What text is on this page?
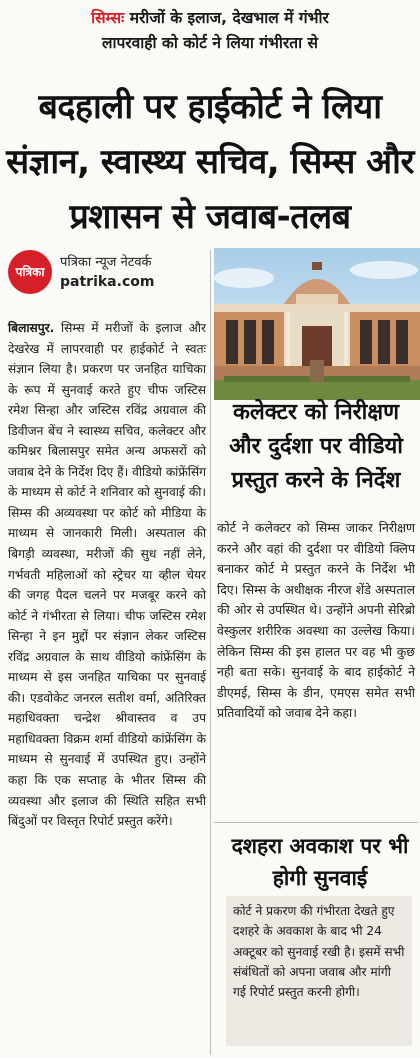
सिम्सः मरीजों के इलाज, देखभाल में गंभीर
लापरवाही को कोर्ट ने लिया गंभीरता से
बदहाली पर हाईकोर्ट ने लिया संज्ञान, स्वास्थ्य सचिव, सिम्स और प्रशासन से जवाब-तलब
पत्रिका
पत्रिका न्यूज नेटवर्क
patrika.com
बिलासपुर. सिम्स में मरीजों के इलाज और देखरेख में लापरवाही पर हाईकोर्ट ने स्वतः संज्ञान लिया है। प्रकरण पर जनहित याचिका के रूप में सुनवाई करते हुए चीफ जस्टिस रमेश सिन्हा और जस्टिस रविंद्र अग्रवाल की डिवीजन बेंच ने स्वास्थ्य सचिव, कलेक्टर और कमिश्नर बिलासपुर समेत अन्य अफसरों को जवाब देने के निर्देश दिए हैं। वीडियो कांफ्रेंसिंग के माध्यम से कोर्ट ने शनिवार को सुनवाई की। सिम्स की अव्यवस्था पर कोर्ट को मीडिया के माध्यम से जानकारी मिली। अस्पताल की बिगड़ी व्यवस्था, मरीजों की सुध नहीं लेने, गर्भवती महिलाओं को स्ट्रेचर या व्हील चेयर की जगह पैदल चलने पर मजबूर करने को कोर्ट ने गंभीरता से लिया। चीफ जस्टिस रमेश सिन्हा ने इन मुद्दों पर संज्ञान लेकर जस्टिस रविंद्र अग्रवाल के साथ वीडियो कांफ्रेंसिंग के माध्यम से इस जनहित याचिका पर सुनवाई की। एडवोकेट जनरल सतीश वर्मा, अतिरिक्त महाधिवक्ता चन्द्रेश श्रीवास्तव व उप महाधिवक्ता विक्रम शर्मा वीडियो कांफ्रेंसिंग के माध्यम से सुनवाई में उपस्थित हुए। उन्होंने कहा कि एक सप्ताह के भीतर सिम्स की व्यवस्था और इलाज की स्थिति सहित सभी बिंदुओं पर विस्तृत रिपोर्ट प्रस्तुत करेंगे।
कलेक्टर को निरीक्षण और दुर्दशा पर वीडियो प्रस्तुत करने के निर्देश
कोर्ट ने कलेक्टर को सिम्स जाकर निरीक्षण करने और वहां की दुर्दशा पर वीडियो क्लिप बनाकर कोर्ट मे प्रस्तुत करने के निर्देश भी दिए। सिम्स के अधीक्षक नीरज शेंडे अस्पताल की ओर से उपस्थित थे। उन्होंने अपनी सेरिब्रो वेस्कुलर शरीरिक अवस्था का उल्लेख किया। लेकिन सिम्स की इस हालत पर वह भी कुछ नही बता सके। सुनवाई के बाद हाईकोर्ट ने डीएमई, सिम्स के डीन, एमएस समेत सभी प्रतिवादियों को जवाब देने कहा।
दशहरा अवकाश पर भी होगी सुनवाई

कोर्ट ने प्रकरण की गंभीरता देखते हुए दशहरे के अवकाश के बाद भी 24 अक्टूबर को सुनवाई रखी है। इसमें सभी संबंधितों को अपना जवाब और मांगी गई रिपोर्ट प्रस्तुत करनी होगी।
